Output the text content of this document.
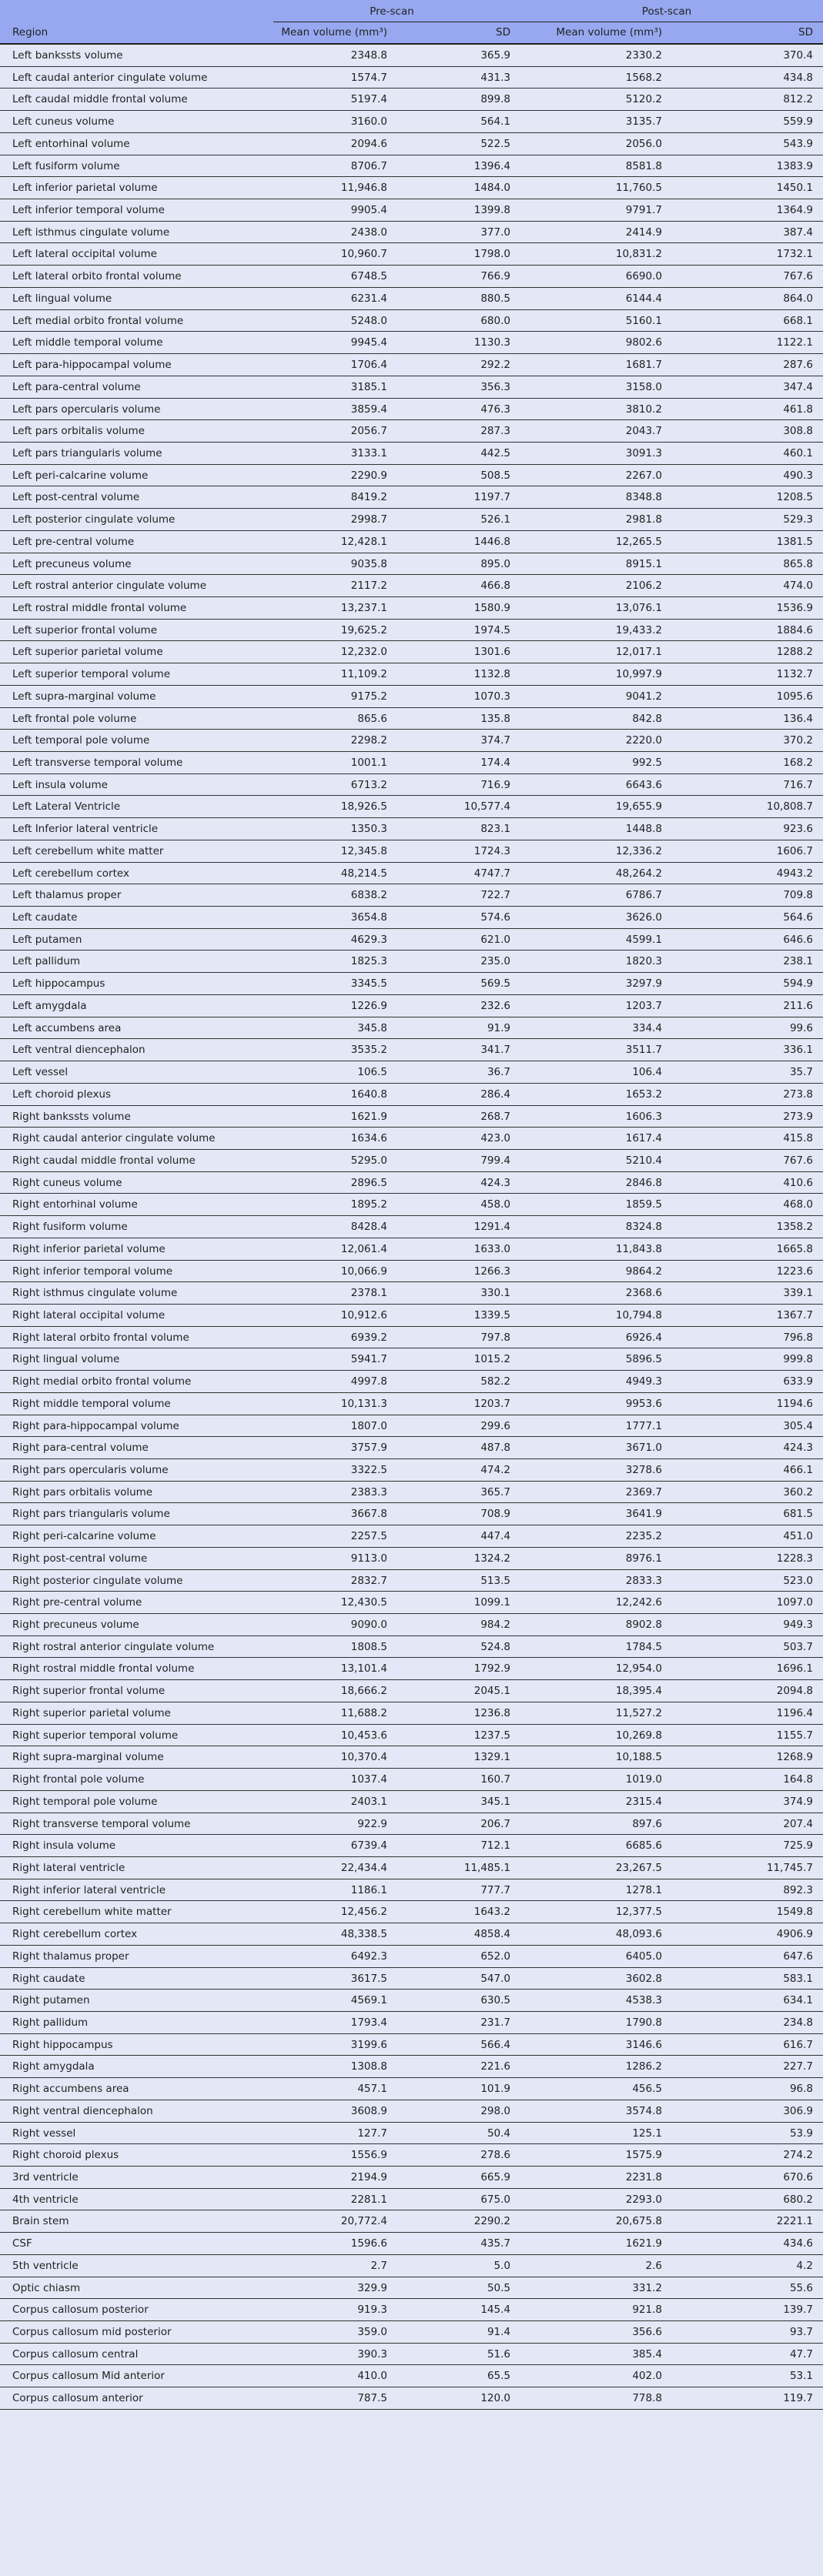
Pre-scan	Post-scan
Region	Mean volume (mm³)	SD	Mean volume (mm³)	SD
Left bankssts volume	2348.8	365.9	2330.2	370.4
Left caudal anterior cingulate volume	1574.7	431.3	1568.2	434.8
Left caudal middle frontal volume	5197.4	899.8	5120.2	812.2
Left cuneus volume	3160.0	564.1	3135.7	559.9
Left entorhinal volume	2094.6	522.5	2056.0	543.9
Left fusiform volume	8706.7	1396.4	8581.8	1383.9
Left inferior parietal volume	11,946.8	1484.0	11,760.5	1450.1
Left inferior temporal volume	9905.4	1399.8	9791.7	1364.9
Left isthmus cingulate volume	2438.0	377.0	2414.9	387.4
Left lateral occipital volume	10,960.7	1798.0	10,831.2	1732.1
Left lateral orbito frontal volume	6748.5	766.9	6690.0	767.6
Left lingual volume	6231.4	880.5	6144.4	864.0
Left medial orbito frontal volume	5248.0	680.0	5160.1	668.1
Left middle temporal volume	9945.4	1130.3	9802.6	1122.1
Left para-hippocampal volume	1706.4	292.2	1681.7	287.6
Left para-central volume	3185.1	356.3	3158.0	347.4
Left pars opercularis volume	3859.4	476.3	3810.2	461.8
Left pars orbitalis volume	2056.7	287.3	2043.7	308.8
Left pars triangularis volume	3133.1	442.5	3091.3	460.1
Left peri-calcarine volume	2290.9	508.5	2267.0	490.3
Left post-central volume	8419.2	1197.7	8348.8	1208.5
Left posterior cingulate volume	2998.7	526.1	2981.8	529.3
Left pre-central volume	12,428.1	1446.8	12,265.5	1381.5
Left precuneus volume	9035.8	895.0	8915.1	865.8
Left rostral anterior cingulate volume	2117.2	466.8	2106.2	474.0
Left rostral middle frontal volume	13,237.1	1580.9	13,076.1	1536.9
Left superior frontal volume	19,625.2	1974.5	19,433.2	1884.6
Left superior parietal volume	12,232.0	1301.6	12,017.1	1288.2
Left superior temporal volume	11,109.2	1132.8	10,997.9	1132.7
Left supra-marginal volume	9175.2	1070.3	9041.2	1095.6
Left frontal pole volume	865.6	135.8	842.8	136.4
Left temporal pole volume	2298.2	374.7	2220.0	370.2
Left transverse temporal volume	1001.1	174.4	992.5	168.2
Left insula volume	6713.2	716.9	6643.6	716.7
Left Lateral Ventricle	18,926.5	10,577.4	19,655.9	10,808.7
Left Inferior lateral ventricle	1350.3	823.1	1448.8	923.6
Left cerebellum white matter	12,345.8	1724.3	12,336.2	1606.7
Left cerebellum cortex	48,214.5	4747.7	48,264.2	4943.2
Left thalamus proper	6838.2	722.7	6786.7	709.8
Left caudate	3654.8	574.6	3626.0	564.6
Left putamen	4629.3	621.0	4599.1	646.6
Left pallidum	1825.3	235.0	1820.3	238.1
Left hippocampus	3345.5	569.5	3297.9	594.9
Left amygdala	1226.9	232.6	1203.7	211.6
Left accumbens area	345.8	91.9	334.4	99.6
Left ventral diencephalon	3535.2	341.7	3511.7	336.1
Left vessel	106.5	36.7	106.4	35.7
Left choroid plexus	1640.8	286.4	1653.2	273.8
Right bankssts volume	1621.9	268.7	1606.3	273.9
Right caudal anterior cingulate volume	1634.6	423.0	1617.4	415.8
Right caudal middle frontal volume	5295.0	799.4	5210.4	767.6
Right cuneus volume	2896.5	424.3	2846.8	410.6
Right entorhinal volume	1895.2	458.0	1859.5	468.0
Right fusiform volume	8428.4	1291.4	8324.8	1358.2
Right inferior parietal volume	12,061.4	1633.0	11,843.8	1665.8
Right inferior temporal volume	10,066.9	1266.3	9864.2	1223.6
Right isthmus cingulate volume	2378.1	330.1	2368.6	339.1
Right lateral occipital volume	10,912.6	1339.5	10,794.8	1367.7
Right lateral orbito frontal volume	6939.2	797.8	6926.4	796.8
Right lingual volume	5941.7	1015.2	5896.5	999.8
Right medial orbito frontal volume	4997.8	582.2	4949.3	633.9
Right middle temporal volume	10,131.3	1203.7	9953.6	1194.6
Right para-hippocampal volume	1807.0	299.6	1777.1	305.4
Right para-central volume	3757.9	487.8	3671.0	424.3
Right pars opercularis volume	3322.5	474.2	3278.6	466.1
Right pars orbitalis volume	2383.3	365.7	2369.7	360.2
Right pars triangularis volume	3667.8	708.9	3641.9	681.5
Right peri-calcarine volume	2257.5	447.4	2235.2	451.0
Right post-central volume	9113.0	1324.2	8976.1	1228.3
Right posterior cingulate volume	2832.7	513.5	2833.3	523.0
Right pre-central volume	12,430.5	1099.1	12,242.6	1097.0
Right precuneus volume	9090.0	984.2	8902.8	949.3
Right rostral anterior cingulate volume	1808.5	524.8	1784.5	503.7
Right rostral middle frontal volume	13,101.4	1792.9	12,954.0	1696.1
Right superior frontal volume	18,666.2	2045.1	18,395.4	2094.8
Right superior parietal volume	11,688.2	1236.8	11,527.2	1196.4
Right superior temporal volume	10,453.6	1237.5	10,269.8	1155.7
Right supra-marginal volume	10,370.4	1329.1	10,188.5	1268.9
Right frontal pole volume	1037.4	160.7	1019.0	164.8
Right temporal pole volume	2403.1	345.1	2315.4	374.9
Right transverse temporal volume	922.9	206.7	897.6	207.4
Right insula volume	6739.4	712.1	6685.6	725.9
Right lateral ventricle	22,434.4	11,485.1	23,267.5	11,745.7
Right inferior lateral ventricle	1186.1	777.7	1278.1	892.3
Right cerebellum white matter	12,456.2	1643.2	12,377.5	1549.8
Right cerebellum cortex	48,338.5	4858.4	48,093.6	4906.9
Right thalamus proper	6492.3	652.0	6405.0	647.6
Right caudate	3617.5	547.0	3602.8	583.1
Right putamen	4569.1	630.5	4538.3	634.1
Right pallidum	1793.4	231.7	1790.8	234.8
Right hippocampus	3199.6	566.4	3146.6	616.7
Right amygdala	1308.8	221.6	1286.2	227.7
Right accumbens area	457.1	101.9	456.5	96.8
Right ventral diencephalon	3608.9	298.0	3574.8	306.9
Right vessel	127.7	50.4	125.1	53.9
Right choroid plexus	1556.9	278.6	1575.9	274.2
3rd ventricle	2194.9	665.9	2231.8	670.6
4th ventricle	2281.1	675.0	2293.0	680.2
Brain stem	20,772.4	2290.2	20,675.8	2221.1
CSF	1596.6	435.7	1621.9	434.6
5th ventricle	2.7	5.0	2.6	4.2
Optic chiasm	329.9	50.5	331.2	55.6
Corpus callosum posterior	919.3	145.4	921.8	139.7
Corpus callosum mid posterior	359.0	91.4	356.6	93.7
Corpus callosum central	390.3	51.6	385.4	47.7
Corpus callosum Mid anterior	410.0	65.5	402.0	53.1
Corpus callosum anterior	787.5	120.0	778.8	119.7
